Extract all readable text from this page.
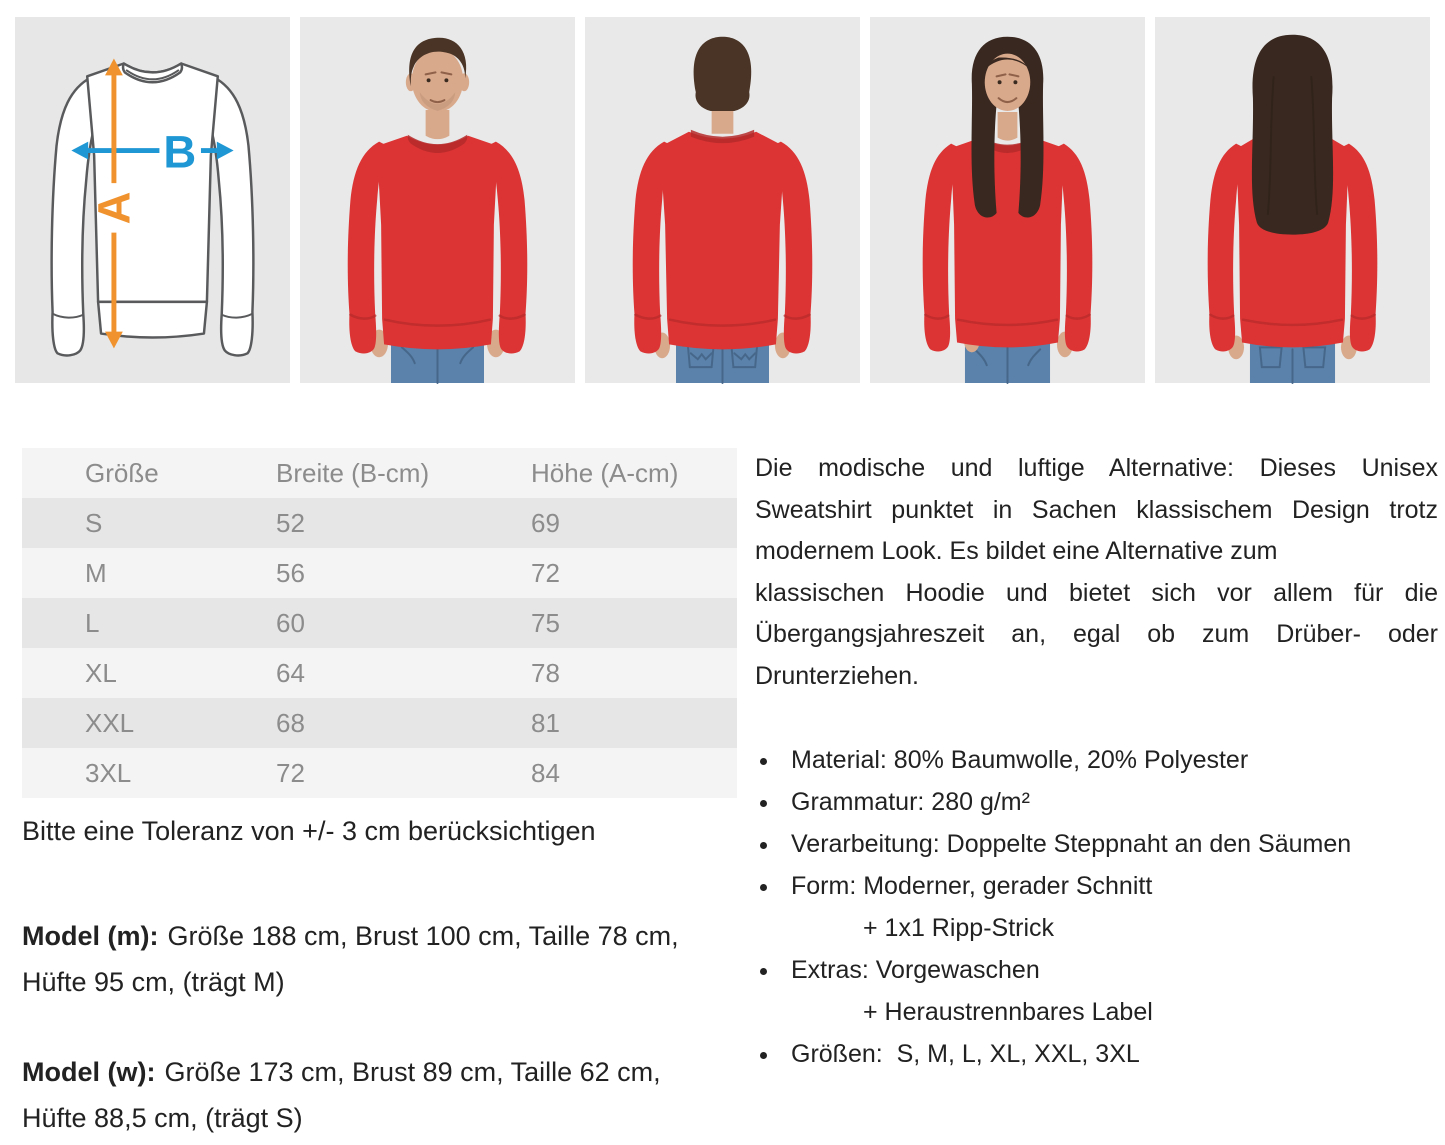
B
A
Größe	Breite (B-cm)	Höhe (A-cm)
S	52	69
M	56	72
L	60	75
XL	64	78
XXL	68	81
3XL	72	84

Bitte eine Toleranz von +/- 3 cm berücksichtigen

Model (m): Größe 188 cm, Brust 100 cm, Taille 78 cm, Hüfte 95 cm, (trägt M)

Model (w): Größe 173 cm, Brust 89 cm, Taille 62 cm, Hüfte 88,5 cm, (trägt S)

Die modische und luftige Alternative: Dieses Unisex
Sweatshirt punktet in Sachen klassischem Design trotz
modernem Look. Es bildet eine Alternative zum
klassischen Hoodie und bietet sich vor allem für die
Übergangsjahreszeit an, egal ob zum Drüber- oder
Drunterziehen.
Material: 80% Baumwolle, 20% Polyester
Grammatur: 280 g/m²
Verarbeitung: Doppelte Steppnaht an den Säumen
Form: Moderner, gerader Schnitt
+ 1x1 Ripp-Strick
Extras: Vorgewaschen
+ Heraustrennbares Label
Größen:  S, M, L, XL, XXL, 3XL
